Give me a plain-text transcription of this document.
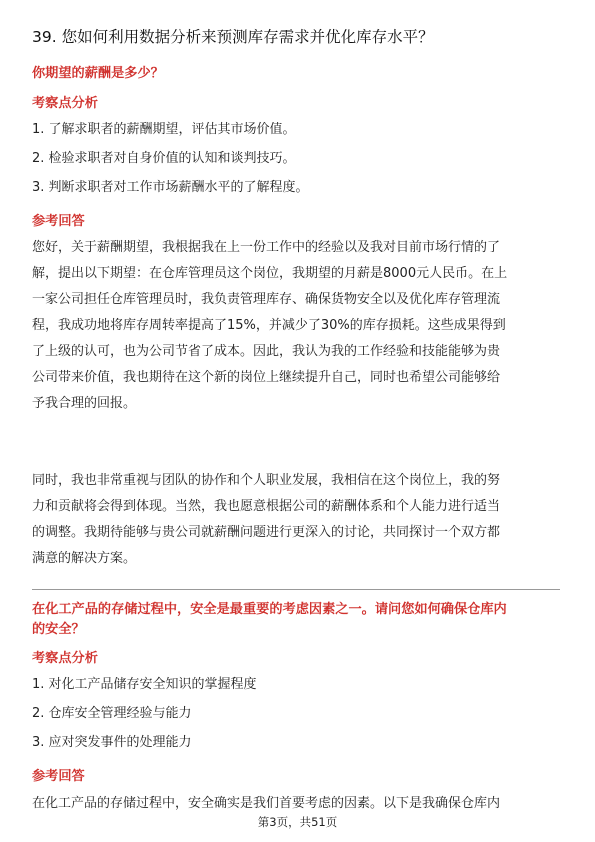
39. 您如何利用数据分析来预测库存需求并优化库存水平？
你期望的薪酬是多少？
考察点分析
1. 了解求职者的薪酬期望，评估其市场价值。
2. 检验求职者对自身价值的认知和谈判技巧。
3. 判断求职者对工作市场薪酬水平的了解程度。
参考回答
您好，关于薪酬期望，我根据我在上一份工作中的经验以及我对目前市场行情的了
解，提出以下期望：在仓库管理员这个岗位，我期望的月薪是8000元人民币。在上
一家公司担任仓库管理员时，我负责管理库存、确保货物安全以及优化库存管理流
程，我成功地将库存周转率提高了15%，并减少了30%的库存损耗。这些成果得到
了上级的认可，也为公司节省了成本。因此，我认为我的工作经验和技能能够为贵
公司带来价值，我也期待在这个新的岗位上继续提升自己，同时也希望公司能够给
予我合理的回报。
同时，我也非常重视与团队的协作和个人职业发展，我相信在这个岗位上，我的努
力和贡献将会得到体现。当然，我也愿意根据公司的薪酬体系和个人能力进行适当
的调整。我期待能够与贵公司就薪酬问题进行更深入的讨论，共同探讨一个双方都
满意的解决方案。
在化工产品的存储过程中，安全是最重要的考虑因素之一。请问您如何确保仓库内
的安全？
考察点分析
1. 对化工产品储存安全知识的掌握程度
2. 仓库安全管理经验与能力
3. 应对突发事件的处理能力
参考回答
在化工产品的存储过程中，安全确实是我们首要考虑的因素。以下是我确保仓库内
第3页，共51页
